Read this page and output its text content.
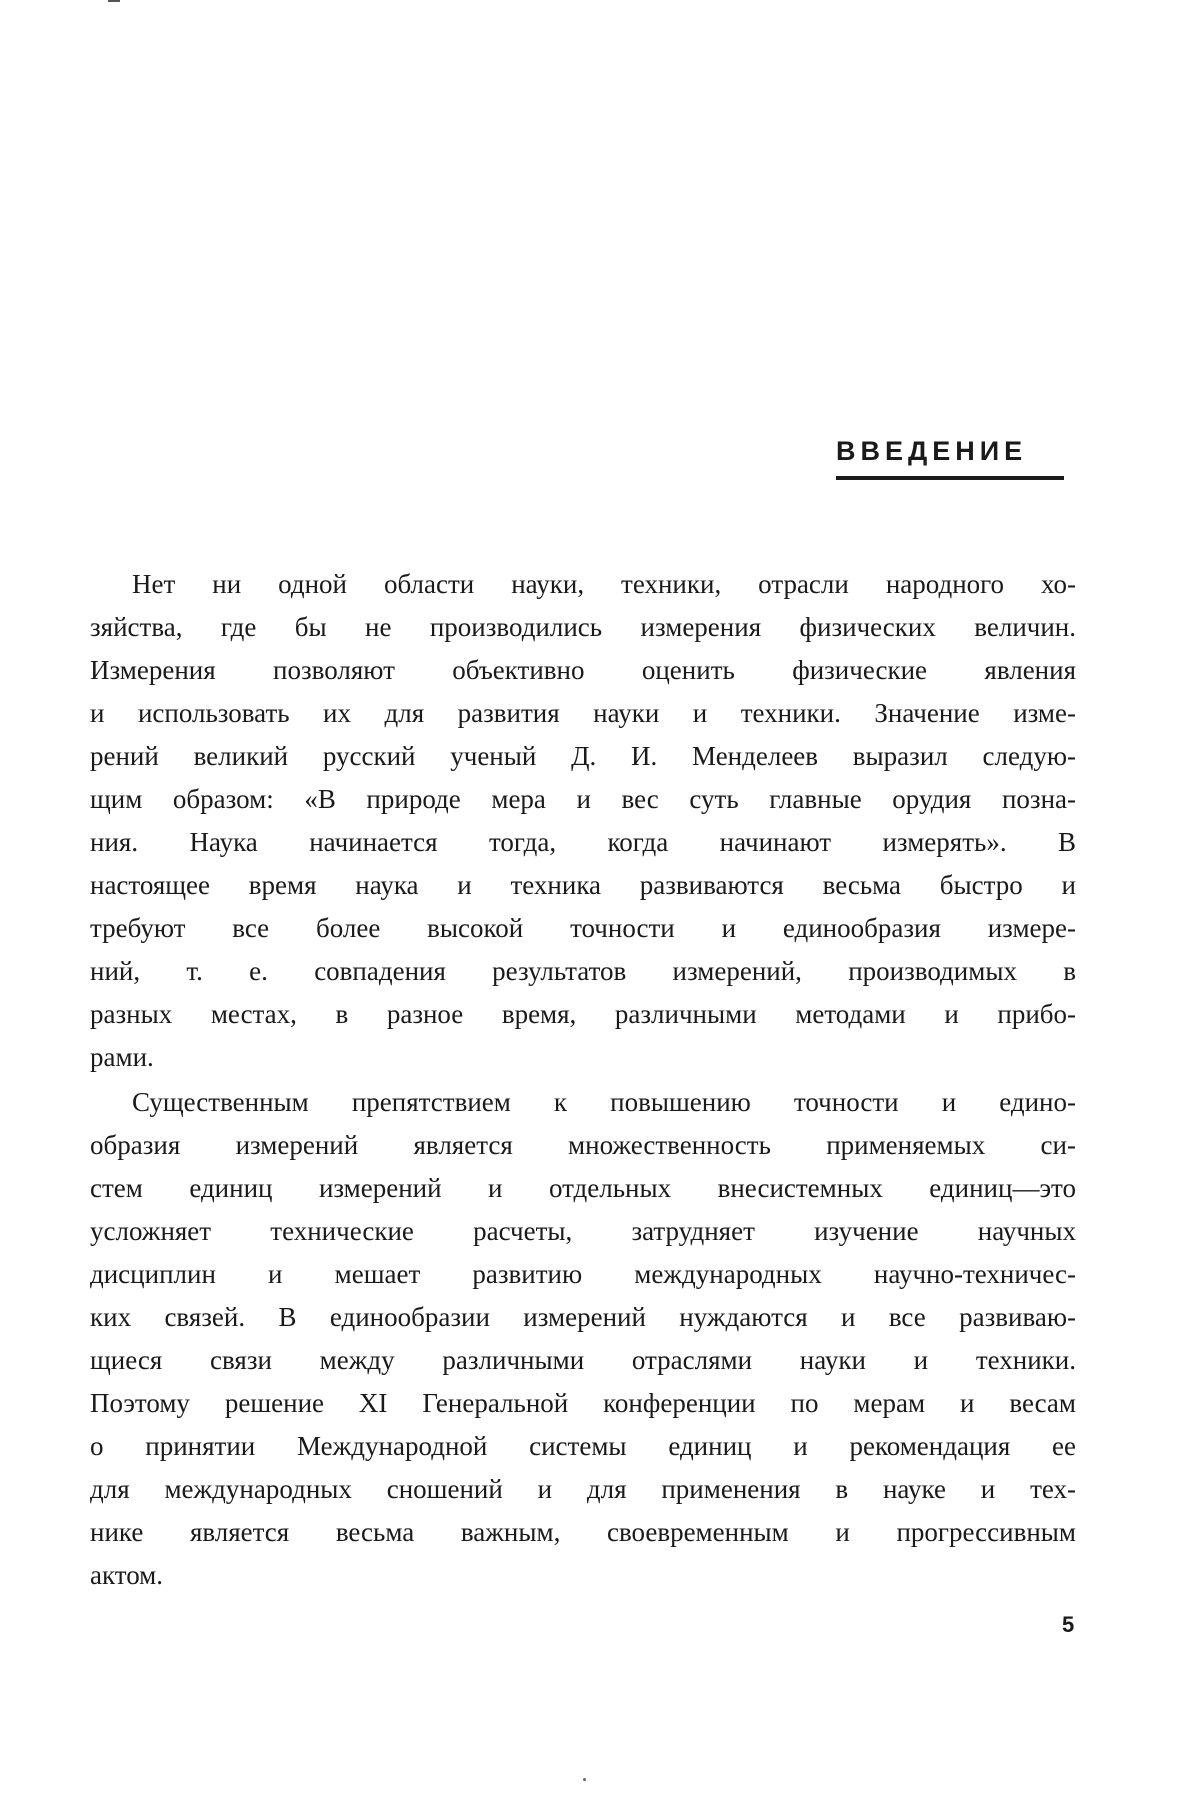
ВВЕДЕНИЕ
Нет ни одной области науки, техники, отрасли народного хо-
зяйства, где бы не производились измерения физических величин.
Измерения позволяют объективно оценить физические явления
и использовать их для развития науки и техники. Значение изме-
рений великий русский ученый Д. И. Менделеев выразил следую-
щим образом: «В природе мера и вес суть главные орудия позна-
ния. Наука начинается тогда, когда начинают измерять». В
настоящее время наука и техника развиваются весьма быстро и
требуют все более высокой точности и единообразия измере-
ний, т. е. совпадения результатов измерений, производимых в
разных местах, в разное время, различными методами и прибо-
рами.
Существенным препятствием к повышению точности и едино-
образия измерений является множественность применяемых си-
стем единиц измерений и отдельных внесистемных единиц—это
усложняет технические расчеты, затрудняет изучение научных
дисциплин и мешает развитию международных научно-техничес-
ких связей. В единообразии измерений нуждаются и все развиваю-
щиеся связи между различными отраслями науки и техники.
Поэтому решение XI Генеральной конференции по мерам и весам
о принятии Международной системы единиц и рекомендация ее
для международных сношений и для применения в науке и тех-
нике является весьма важным, своевременным и прогрессивным
актом.
5
